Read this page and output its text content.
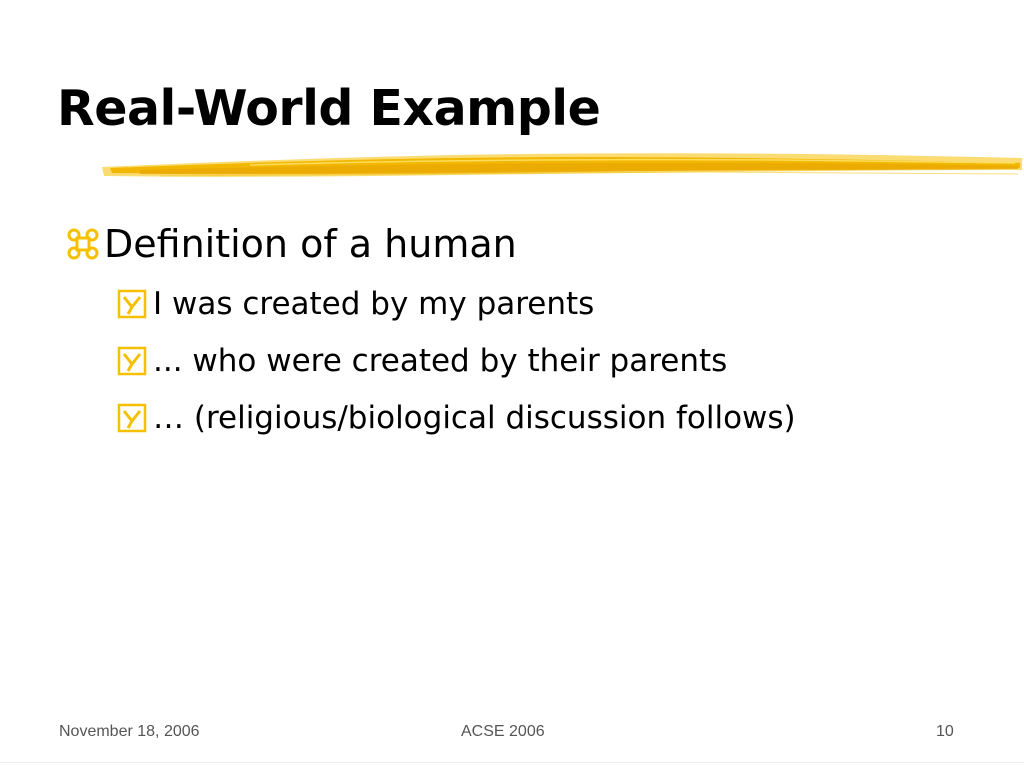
Real-World Example
Definition of a human
I was created by my parents
... who were created by their parents
… (religious/biological discussion follows)
November 18, 2006	ACSE 2006	10
